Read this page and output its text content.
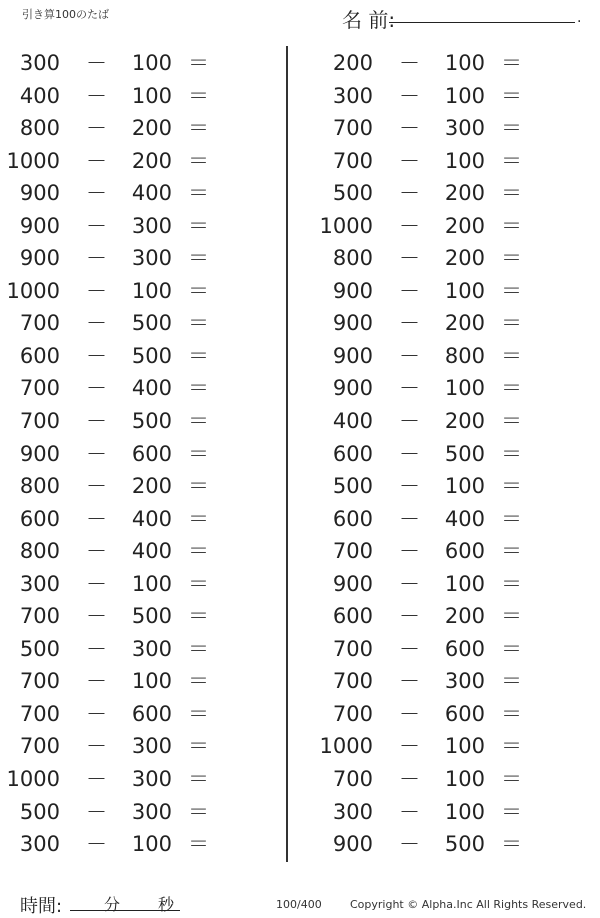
引き算100のたば	名 前:	.
300 －	100 ＝
400 －	100 ＝
800 －	200 ＝
1000 －	200 ＝
900 －	400 ＝
900 －	300 ＝
900 －	300 ＝
1000 －	100 ＝
700 －	500 ＝
600 －	500 ＝
700 －	400 ＝
700 －	500 ＝
900 －	600 ＝
800 －	200 ＝
600 －	400 ＝
800 －	400 ＝
300 －	100 ＝
700 －	500 ＝
500 －	300 ＝
700 －	100 ＝
700 －	600 ＝
700 －	300 ＝
1000 －	300 ＝
500 －	300 ＝
300 －	100 ＝
200 －	100 ＝
300 －	100 ＝
700 －	300 ＝
700 －	100 ＝
500 －	200 ＝
1000 －	200 ＝
800 －	200 ＝
900 －	100 ＝
900 －	200 ＝
900 －	800 ＝
900 －	100 ＝
400 －	200 ＝
600 －	500 ＝
500 －	100 ＝
600 －	400 ＝
700 －	600 ＝
900 －	100 ＝
600 －	200 ＝
700 －	600 ＝
700 －	300 ＝
700 －	600 ＝
1000 －	100 ＝
700 －	100 ＝
300 －	100 ＝
900 －	500 ＝
時間:	分 秒	100/400	Copyright © Alpha.Inc All Rights Reserved.
